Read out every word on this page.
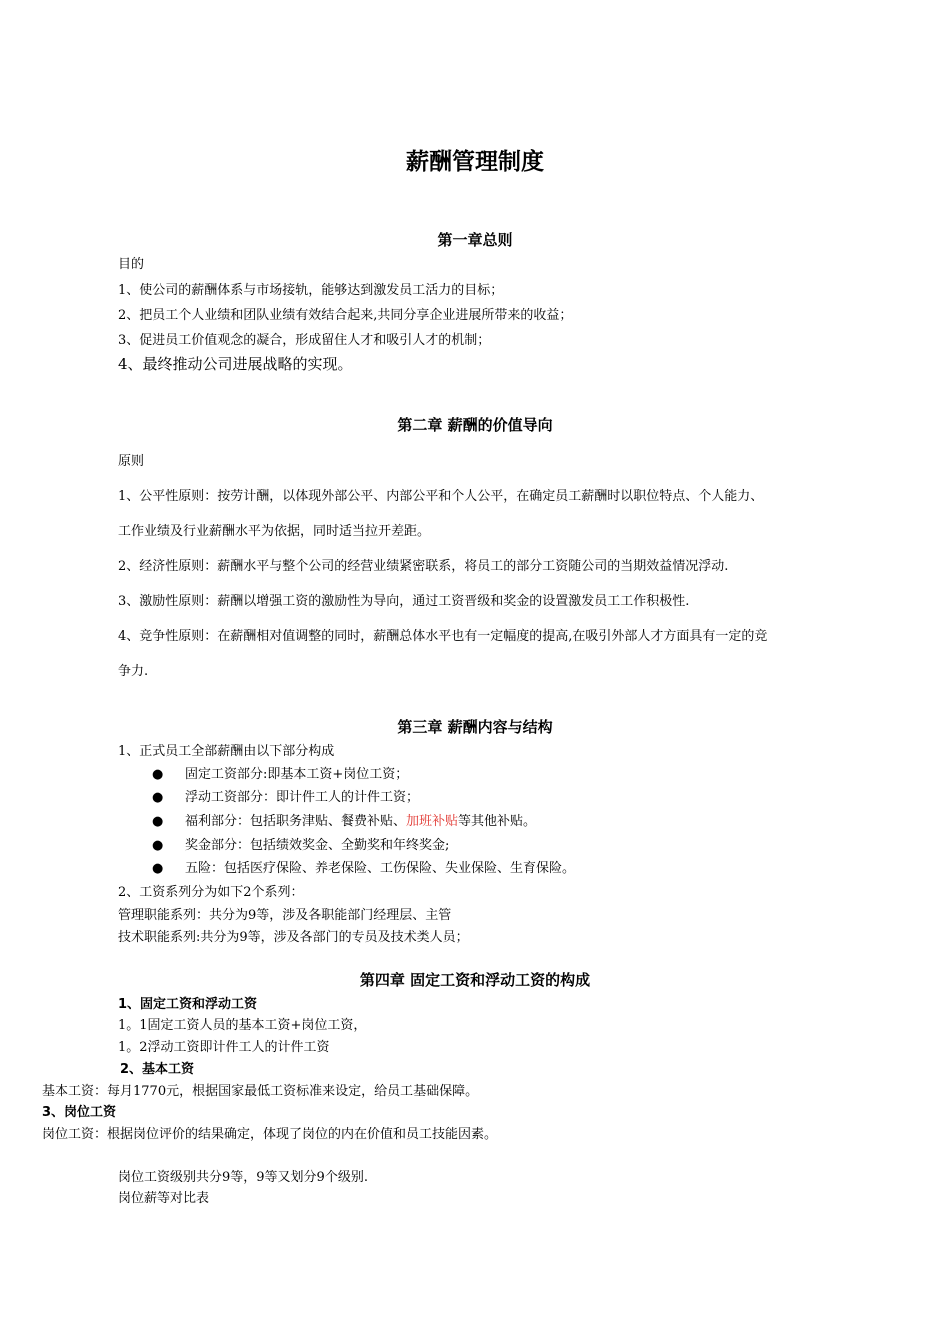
薪酬管理制度
第一章总则
目的
1、使公司的薪酬体系与市场接轨，能够达到激发员工活力的目标；
2、把员工个人业绩和团队业绩有效结合起来,共同分享企业进展所带来的收益；
3、促进员工价值观念的凝合，形成留住人才和吸引人才的机制；
4、最终推动公司进展战略的实现。
第二章 薪酬的价值导向
原则
1、公平性原则：按劳计酬，以体现外部公平、内部公平和个人公平，在确定员工薪酬时以职位特点、个人能力、
工作业绩及行业薪酬水平为依据，同时适当拉开差距。
2、经济性原则：薪酬水平与整个公司的经营业绩紧密联系，将员工的部分工资随公司的当期效益情况浮动.
3、激励性原则：薪酬以增强工资的激励性为导向，通过工资晋级和奖金的设置激发员工工作积极性.
4、竞争性原则：在薪酬相对值调整的同时，薪酬总体水平也有一定幅度的提高,在吸引外部人才方面具有一定的竞
争力.
第三章 薪酬内容与结构
1、正式员工全部薪酬由以下部分构成
● 固定工资部分:即基本工资+岗位工资；
● 浮动工资部分：即计件工人的计件工资；
● 福利部分：包括职务津贴、餐费补贴、加班补贴等其他补贴。
● 奖金部分：包括绩效奖金、全勤奖和年终奖金;
● 五险：包括医疗保险、养老保险、工伤保险、失业保险、生育保险。
2、工资系列分为如下2个系列：
管理职能系列：共分为9等，涉及各职能部门经理层、主管
技术职能系列:共分为9等，涉及各部门的专员及技术类人员；
第四章 固定工资和浮动工资的构成
1、固定工资和浮动工资
1。1固定工资人员的基本工资+岗位工资，
1。2浮动工资即计件工人的计件工资
2、基本工资
基本工资：每月1770元，根据国家最低工资标准来设定，给员工基础保障。
3、岗位工资
岗位工资：根据岗位评价的结果确定，体现了岗位的内在价值和员工技能因素。
岗位工资级别共分9等，9等又划分9个级别.
岗位薪等对比表
